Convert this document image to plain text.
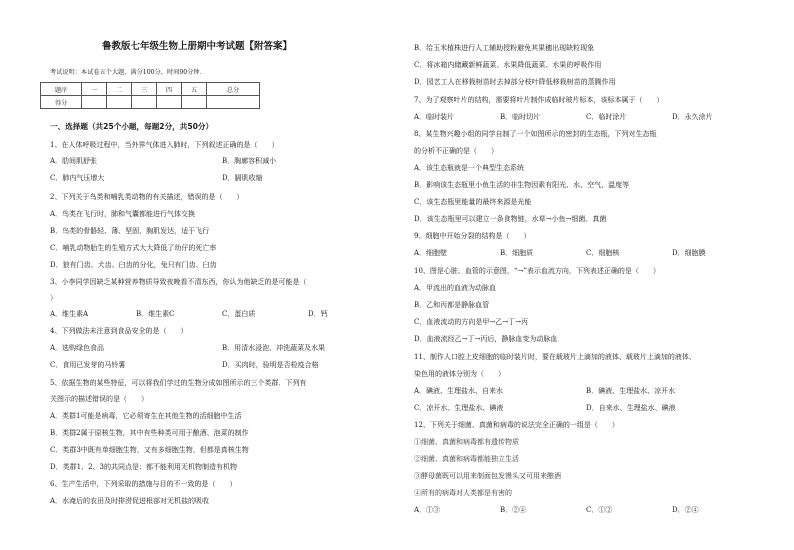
鲁教版七年级生物上册期中考试题【附答案】
考试说明：本试卷五个大题，满分100分，时间90分钟．
题序	一	二	三	四	五	总分
得分						
一、选择题（共25个小题，每题2分，共50分）
1、在人体呼吸过程中，当外界气体进入肺时，下列叙述正确的是（　　）
A．肋间肌舒张	B．胸廓容积减小
C．肺内气压增大	D．膈肌收缩
2、下列关于鸟类和哺乳类动物的有关描述，错误的是（　　）
A．鸟类在飞行时，肺和气囊都能进行气体交换
B．鸟类的骨骼轻、薄、坚固，胸肌发达，适于飞行
C．哺乳动物胎生的生殖方式大大降低了幼仔的死亡率
D．狼有门齿、犬齿、臼齿的分化，兔只有门齿、臼齿
3、小李同学因缺乏某种营养物质导致夜晚看不清东西，你认为他缺乏的是可能是（
）
A．维生素A	B．维生素C	C．蛋白质	D．钙
4、下列做法未注意到食品安全的是（　　）
A．选购绿色食品	B．用清水浸泡、冲洗蔬菜及水果
C．食用已发芽的马铃薯	D．买肉时，验明是否检疫合格
5、依据生物的某些特征，可以将我们学过的生物分成如图所示的三个类群．下列有
关图示的描述错误的是（　　）
A．类群1可能是病毒，它必须寄生在其他生物的活细胞中生活
B．类群2属于原核生物，其中有些种类可用于酿酒、泡菜的制作
C．类群3中既有单细胞生物，又有多细胞生物，但都是真核生物
D．类群1、2、3的共同点是：都不能利用无机物制造有机物
6、生产生活中，下列采取的措施与目的不一致的是（　　）
A．水淹后的农田及时排涝促进根部对无机盐的吸收
B．给玉米植株进行人工辅助授粉避免其果穗出现缺粒现象
C．将冰箱内储藏新鲜蔬菜、水果降低蔬菜、水果的呼吸作用
D．园艺工人在移栽树苗时去掉部分枝叶降低移栽树苗的蒸腾作用
7、为了观察叶片的结构，需要将叶片制作成临时玻片标本，该标本属于（　　）
A．临时装片	B．临时切片	C．临时涂片	D．永久涂片
8、某生物兴趣小组的同学自制了一个如图所示的密封的生态瓶，下列对生态瓶
的分析不正确的是（　　）
A．该生态瓶就是一个典型生态系统
B．影响该生态瓶里小鱼生活的非生物因素有阳光、水、空气、温度等
C．该生态瓶里能量的最终来源是光能
D．该生态瓶里可以建立一条食物链，水草→小鱼→细菌、真菌
9、细胞中开始分裂的结构是（　　）
A．细胞壁	B．细胞质	C．细胞核	D．细胞膜
10、图是心脏、血管的示意图，“→”表示血流方向，下列表述正确的是（　　）
A．甲流出的血液为动脉血
B．乙和丙都是静脉血管
C．血液流动的方向是甲→乙→丁→丙
D．血液流经乙→丁→丙后，静脉血变为动脉血
11、制作人口腔上皮细胞的临时装片时，要在载玻片上滴加的液体、载玻片上滴加的液体、
染色用的液体分别为（　　）
A．碘液、生理盐水、自来水	B．碘液、生理盐水、凉开水
C．凉开水、生理盐水、碘液	D．自来水、生理盐水、碘液
12、下列关于细菌、真菌和病毒的说法完全正确的一组是（　　）
①细菌、真菌和病毒都有遗传物质
②细菌、真菌和病毒都能独立生活
③酵母菌既可以用来制面包发馒头又可用来酿酒
④所有的病毒对人类都是有害的
A．①③	B．②④	C．①②	D．②④
